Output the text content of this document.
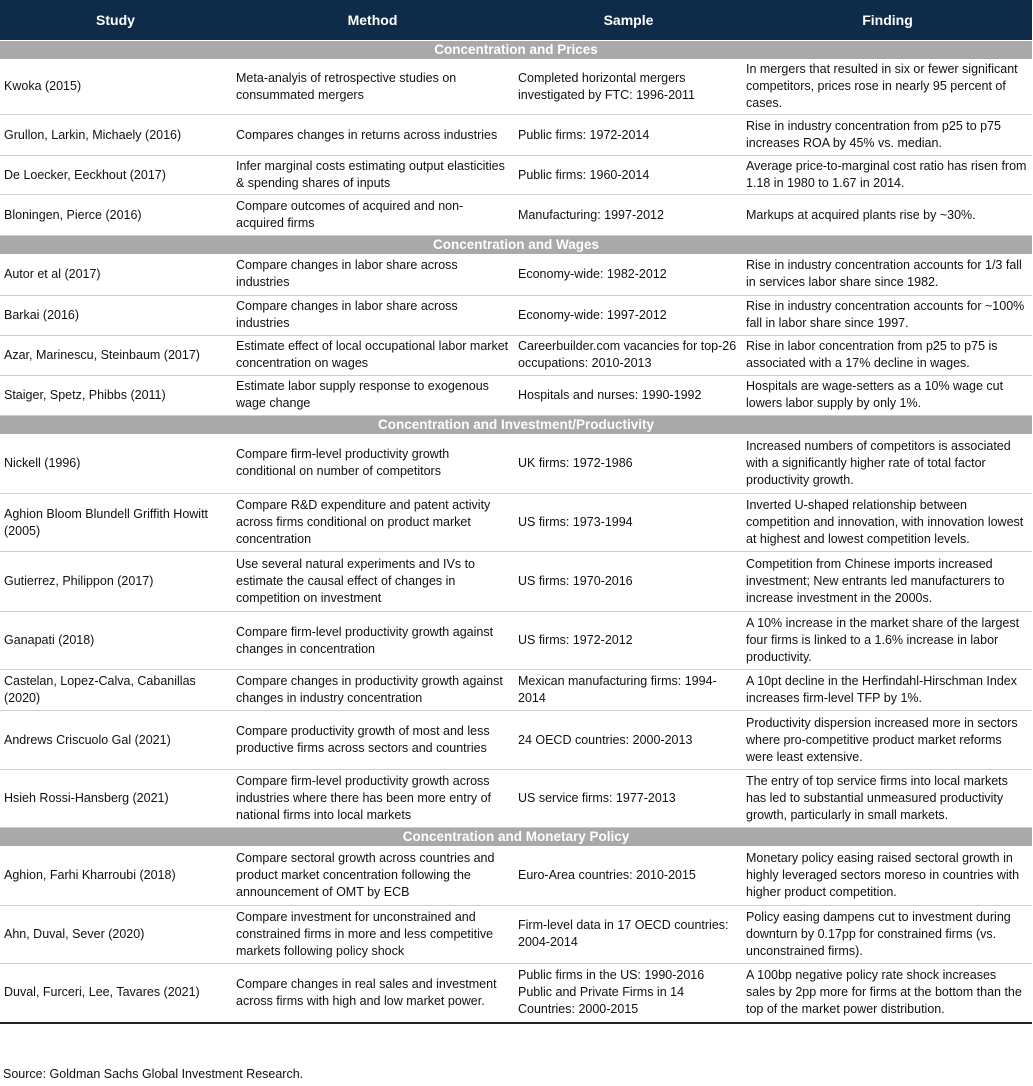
Study	Method	Sample	Finding
Concentration and Prices			
Kwoka (2015)	Meta-analyis of retrospective studies on consummated mergers	Completed horizontal mergers investigated by FTC: 1996-2011	In mergers that resulted in six or fewer significant competitors, prices rose in nearly 95 percent of cases.
Grullon, Larkin, Michaely (2016)	Compares changes in returns across industries	Public firms: 1972-2014	Rise in industry concentration from p25 to p75 increases ROA by 45% vs. median.
De Loecker, Eeckhout (2017)	Infer marginal costs estimating output elasticities & spending shares of inputs	Public firms: 1960-2014	Average price-to-marginal cost ratio has risen from 1.18 in 1980 to 1.67 in 2014.
Bloningen, Pierce (2016)	Compare outcomes of acquired and non-acquired firms	Manufacturing: 1997-2012	Markups at acquired plants rise by ~30%.
Concentration and Wages			
Autor et al (2017)	Compare changes in labor share across industries	Economy-wide: 1982-2012	Rise in industry concentration accounts for 1/3 fall in services labor share since 1982.
Barkai (2016)	Compare changes in labor share across industries	Economy-wide: 1997-2012	Rise in industry concentration accounts for ~100% fall in labor share since 1997.
Azar, Marinescu, Steinbaum (2017)	Estimate effect of local occupational labor market concentration on wages	Careerbuilder.com vacancies for top-26 occupations: 2010-2013	Rise in labor concentration from p25 to p75 is associated with a 17% decline in wages.
Staiger, Spetz, Phibbs (2011)	Estimate labor supply response to exogenous wage change	Hospitals and nurses: 1990-1992	Hospitals are wage-setters as a 10% wage cut lowers labor supply by only 1%.
Concentration and Investment/Productivity			
Nickell (1996)	Compare firm-level productivity growth conditional on number of competitors	UK firms: 1972-1986	Increased numbers of competitors is associated with a significantly higher rate of total factor productivity growth.
Aghion Bloom Blundell Griffith Howitt (2005)	Compare R&D expenditure and patent activity across firms conditional on product market concentration	US firms: 1973-1994	Inverted U-shaped relationship between competition and innovation, with innovation lowest at highest and lowest competition levels.
Gutierrez, Philippon (2017)	Use several natural experiments and IVs to estimate the causal effect of changes in competition on investment	US firms: 1970-2016	Competition from Chinese imports increased investment; New entrants led manufacturers to increase investment in the 2000s.
Ganapati (2018)	Compare firm-level productivity growth against changes in concentration	US firms: 1972-2012	A 10% increase in the market share of the largest four firms is linked to a 1.6% increase in labor productivity.
Castelan, Lopez-Calva, Cabanillas (2020)	Compare changes in productivity growth against changes in industry concentration	Mexican manufacturing firms: 1994-2014	A 10pt decline in the Herfindahl-Hirschman Index increases firm-level TFP by 1%.
Andrews Criscuolo Gal (2021)	Compare productivity growth of most and less productive firms across sectors and countries	24 OECD countries: 2000-2013	Productivity dispersion increased more in sectors where pro-competitive product market reforms were least extensive.
Hsieh Rossi-Hansberg (2021)	Compare firm-level productivity growth across industries where there has been more entry of national firms into local markets	US service firms: 1977-2013	The entry of top service firms into local markets has led to substantial unmeasured productivity growth, particularly in small markets.
Concentration and Monetary Policy			
Aghion, Farhi Kharroubi (2018)	Compare sectoral growth across countries and product market concentration following the announcement of OMT by ECB	Euro-Area countries: 2010-2015	Monetary policy easing raised sectoral growth in highly leveraged sectors moreso in countries with higher product competition.
Ahn, Duval, Sever (2020)	Compare investment for unconstrained and constrained firms in more and less competitive markets following policy shock	Firm-level data in 17 OECD countries: 2004-2014	Policy easing dampens cut to investment during downturn by 0.17pp for constrained firms (vs. unconstrained firms).
Duval, Furceri, Lee, Tavares (2021)	Compare changes in real sales and investment across firms with high and low market power.	Public firms in the US: 1990-2016 Public and Private Firms in 14 Countries: 2000-2015	A 100bp negative policy rate shock increases sales by 2pp more for firms at the bottom than the top of the market power distribution.
Source: Goldman Sachs Global Investment Research.
